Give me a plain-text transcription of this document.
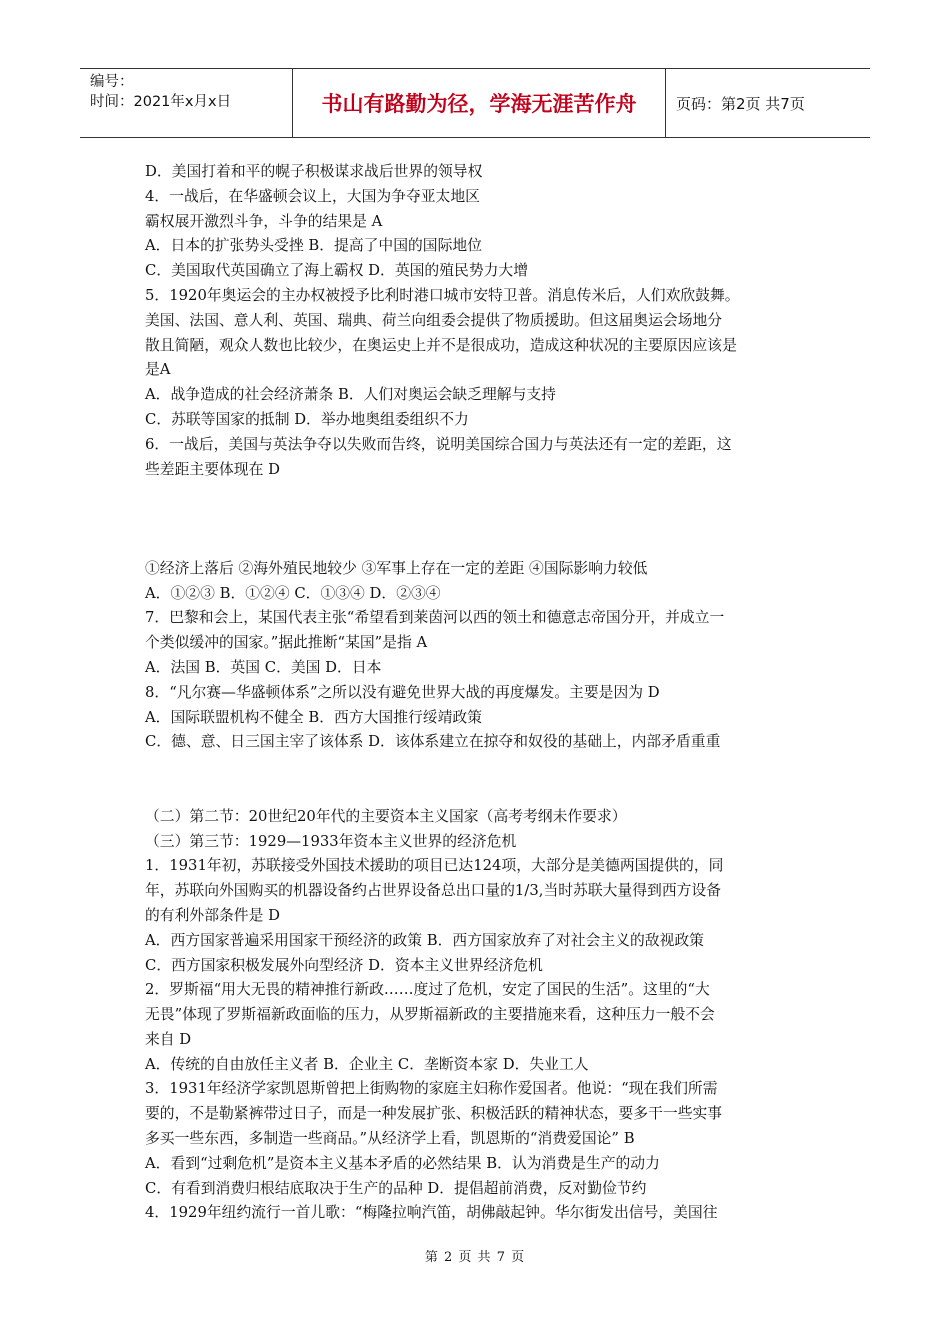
编号：
时间：2021年x月x日	书山有路勤为径，学海无涯苦作舟	页码：第2页 共7页
D．美国打着和平的幌子积极谋求战后世界的领导权
4．一战后，在华盛顿会议上，大国为争夺亚太地区
霸权展开激烈斗争，斗争的结果是 A
A．日本的扩张势头受挫 B．提高了中国的国际地位
C．美国取代英国确立了海上霸权 D．英国的殖民势力大增
5．1920年奥运会的主办权被授予比利时港口城市安特卫普。消息传米后，人们欢欣鼓舞。
美国、法国、意人利、英国、瑞典、荷兰向组委会提供了物质援助。但这届奥运会场地分
散且简陋，观众人数也比较少，在奥运史上并不是很成功，造成这种状况的主要原因应该是
是A
A．战争造成的社会经济萧条 B．人们对奥运会缺乏理解与支持
C．苏联等国家的抵制 D．举办地奥组委组织不力
6．一战后，美国与英法争夺以失败而告终，说明美国综合国力与英法还有一定的差距，这
些差距主要体现在 D
①经济上落后 ②海外殖民地较少 ③军事上存在一定的差距 ④国际影响力较低
A．①②③ B．①②④ C．①③④ D．②③④
7．巴黎和会上，某国代表主张“希望看到莱茵河以西的领土和德意志帝国分开，并成立一
个类似缓冲的国家。”据此推断“某国”是指 A
A．法国 B．英国 C．美国 D．日本
8．“凡尔赛—华盛顿体系”之所以没有避免世界大战的再度爆发。主要是因为 D
A．国际联盟机构不健全 B．西方大国推行绥靖政策
C．德、意、日三国主宰了该体系 D．该体系建立在掠夺和奴役的基础上，内部矛盾重重
（二）第二节：20世纪20年代的主要资本主义国家（高考考纲未作要求）
（三）第三节：1929—1933年资本主义世界的经济危机
1．1931年初，苏联接受外国技术援助的项目已达124项，大部分是美德两国提供的，同
年，苏联向外国购买的机器设备约占世界设备总出口量的1/3,当时苏联大量得到西方设备
的有利外部条件是 D
A．西方国家普遍采用国家干预经济的政策 B．西方国家放弃了对社会主义的敌视政策
C．西方国家积极发展外向型经济 D．资本主义世界经济危机
2．罗斯福“用大无畏的精神推行新政……度过了危机，安定了国民的生活”。这里的“大
无畏”体现了罗斯福新政面临的压力，从罗斯福新政的主要措施来看，这种压力一般不会
来自 D
A．传统的自由放任主义者 B．企业主 C．垄断资本家 D．失业工人
3．1931年经济学家凯恩斯曾把上街购物的家庭主妇称作爱国者。他说：“现在我们所需
要的，不是勒紧裤带过日子，而是一种发展扩张、积极活跃的精神状态，要多干一些实事
多买一些东西，多制造一些商品。”从经济学上看，凯恩斯的“消费爱国论” B
A．看到“过剩危机”是资本主义基本矛盾的必然结果 B．认为消费是生产的动力
C．有看到消费归根结底取决于生产的品种 D．提倡超前消费，反对勤俭节约
4．1929年纽约流行一首儿歌：“梅隆拉响汽笛，胡佛敲起钟。华尔街发出信号，美国往
第 2 页 共 7 页
